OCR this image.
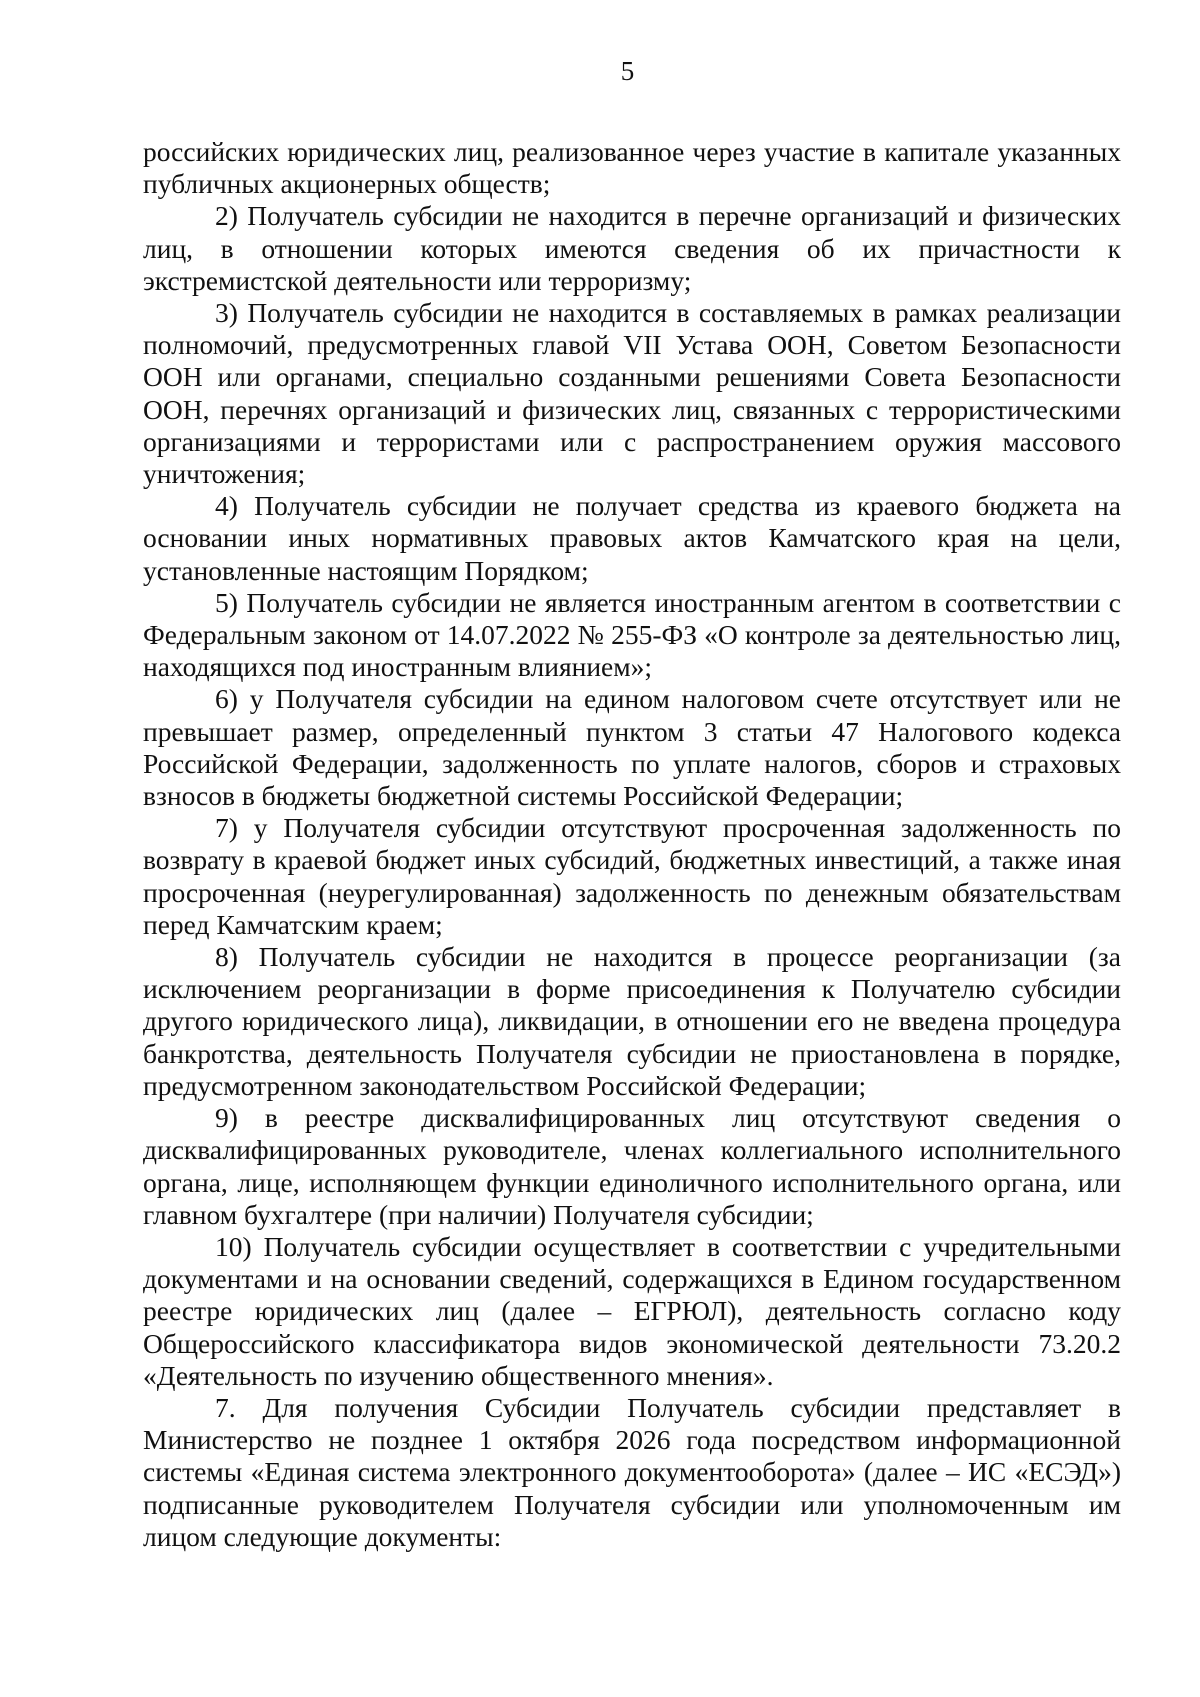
5

российских юридических лиц, реализованное через участие в капитале указанных публичных акционерных обществ;

2) Получатель субсидии не находится в перечне организаций и физических лиц, в отношении которых имеются сведения об их причастности к экстремистской деятельности или терроризму;

3) Получатель субсидии не находится в составляемых в рамках реализации полномочий, предусмотренных главой VII Устава ООН, Советом Безопасности ООН или органами, специально созданными решениями Совета Безопасности ООН, перечнях организаций и физических лиц, связанных с террористическими организациями и террористами или с распространением оружия массового уничтожения;

4) Получатель субсидии не получает средства из краевого бюджета на основании иных нормативных правовых актов Камчатского края на цели, установленные настоящим Порядком;

5) Получатель субсидии не является иностранным агентом в соответствии с Федеральным законом от 14.07.2022 № 255-ФЗ «О контроле за деятельностью лиц, находящихся под иностранным влиянием»;

6) у Получателя субсидии на едином налоговом счете отсутствует или не превышает размер, определенный пунктом 3 статьи 47 Налогового кодекса Российской Федерации, задолженность по уплате налогов, сборов и страховых взносов в бюджеты бюджетной системы Российской Федерации;

7) у Получателя субсидии отсутствуют просроченная задолженность по возврату в краевой бюджет иных субсидий, бюджетных инвестиций, а также иная просроченная (неурегулированная) задолженность по денежным обязательствам перед Камчатским краем;

8) Получатель субсидии не находится в процессе реорганизации (за исключением реорганизации в форме присоединения к Получателю субсидии другого юридического лица), ликвидации, в отношении его не введена процедура банкротства, деятельность Получателя субсидии не приостановлена в порядке, предусмотренном законодательством Российской Федерации;

9) в реестре дисквалифицированных лиц отсутствуют сведения о дисквалифицированных руководителе, членах коллегиального исполнительного органа, лице, исполняющем функции единоличного исполнительного органа, или главном бухгалтере (при наличии) Получателя субсидии;

10) Получатель субсидии осуществляет в соответствии с учредительными документами и на основании сведений, содержащихся в Едином государственном реестре юридических лиц (далее – ЕГРЮЛ), деятельность согласно коду Общероссийского классификатора видов экономической деятельности 73.20.2 «Деятельность по изучению общественного мнения».

7. Для получения Субсидии Получатель субсидии представляет в Министерство не позднее 1 октября 2026 года посредством информационной системы «Единая система электронного документооборота» (далее – ИС «ЕСЭД») подписанные руководителем Получателя субсидии или уполномоченным им лицом следующие документы:
